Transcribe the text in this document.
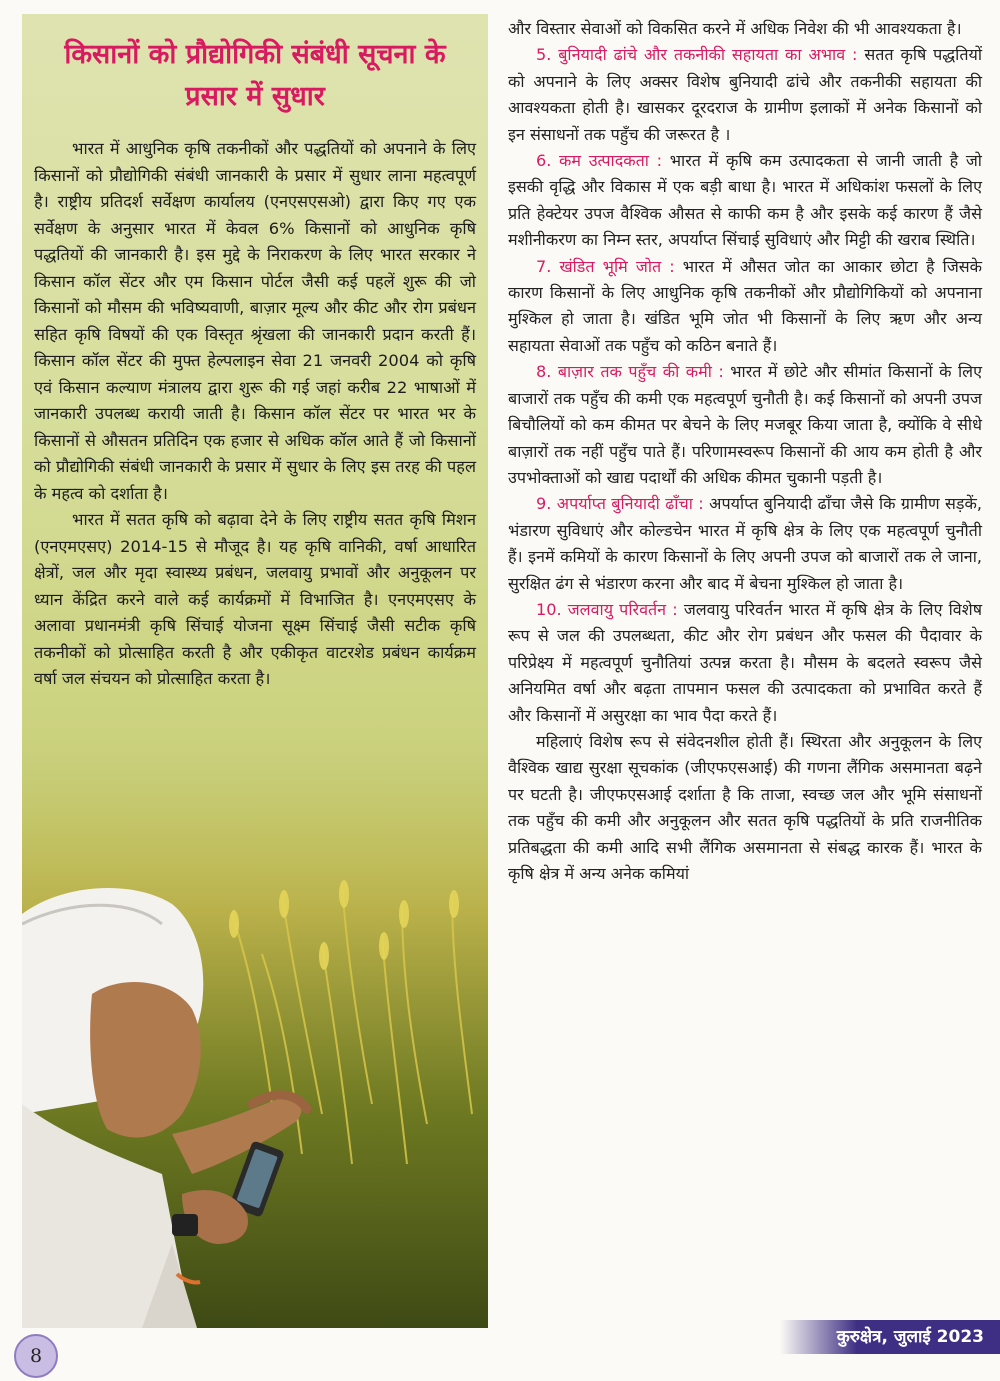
किसानों को प्रौद्योगिकी संबंधी सूचना के
प्रसार में सुधार

भारत में आधुनिक कृषि तकनीकों और पद्धतियों को अपनाने के लिए किसानों को प्रौद्योगिकी संबंधी जानकारी के प्रसार में सुधार लाना महत्वपूर्ण है। राष्ट्रीय प्रतिदर्श सर्वेक्षण कार्यालय (एनएसएसओ) द्वारा किए गए एक सर्वेक्षण के अनुसार भारत में केवल 6% किसानों को आधुनिक कृषि पद्धतियों की जानकारी है। इस मुद्दे के निराकरण के लिए भारत सरकार ने किसान कॉल सेंटर और एम किसान पोर्टल जैसी कई पहलें शुरू की जो किसानों को मौसम की भविष्यवाणी, बाज़ार मूल्य और कीट और रोग प्रबंधन सहित कृषि विषयों की एक विस्तृत श्रृंखला की जानकारी प्रदान करती हैं। किसान कॉल सेंटर की मुफ्त हेल्पलाइन सेवा 21 जनवरी 2004 को कृषि एवं किसान कल्याण मंत्रालय द्वारा शुरू की गई जहां करीब 22 भाषाओं में जानकारी उपलब्ध करायी जाती है। किसान कॉल सेंटर पर भारत भर के किसानों से औसतन प्रतिदिन एक हजार से अधिक कॉल आते हैं जो किसानों को प्रौद्योगिकी संबंधी जानकारी के प्रसार में सुधार के लिए इस तरह की पहल के महत्व को दर्शाता है।

भारत में सतत कृषि को बढ़ावा देने के लिए राष्ट्रीय सतत कृषि मिशन (एनएमएसए) 2014-15 से मौजूद है। यह कृषि वानिकी, वर्षा आधारित क्षेत्रों, जल और मृदा स्वास्थ्य प्रबंधन, जलवायु प्रभावों और अनुकूलन पर ध्यान केंद्रित करने वाले कई कार्यक्रमों में विभाजित है। एनएमएसए के अलावा प्रधानमंत्री कृषि सिंचाई योजना सूक्ष्म सिंचाई जैसी सटीक कृषि तकनीकों को प्रोत्साहित करती है और एकीकृत वाटरशेड प्रबंधन कार्यक्रम वर्षा जल संचयन को प्रोत्साहित करता है।

और विस्तार सेवाओं को विकसित करने में अधिक निवेश की भी आवश्यकता है।

5. बुनियादी ढांचे और तकनीकी सहायता का अभाव : सतत कृषि पद्धतियों को अपनाने के लिए अक्सर विशेष बुनियादी ढांचे और तकनीकी सहायता की आवश्यकता होती है। खासकर दूरदराज के ग्रामीण इलाकों में अनेक किसानों को इन संसाधनों तक पहुँच की जरूरत है ।

6. कम उत्पादकता : भारत में कृषि कम उत्पादकता से जानी जाती है जो इसकी वृद्धि और विकास में एक बड़ी बाधा है। भारत में अधिकांश फसलों के लिए प्रति हेक्टेयर उपज वैश्विक औसत से काफी कम है और इसके कई कारण हैं जैसे मशीनीकरण का निम्न स्तर, अपर्याप्त सिंचाई सुविधाएं और मिट्टी की खराब स्थिति।

7. खंडित भूमि जोत : भारत में औसत जोत का आकार छोटा है जिसके कारण किसानों के लिए आधुनिक कृषि तकनीकों और प्रौद्योगिकियों को अपनाना मुश्किल हो जाता है। खंडित भूमि जोत भी किसानों के लिए ऋण और अन्य सहायता सेवाओं तक पहुँच को कठिन बनाते हैं।

8. बाज़ार तक पहुँच की कमी : भारत में छोटे और सीमांत किसानों के लिए बाजारों तक पहुँच की कमी एक महत्वपूर्ण चुनौती है। कई किसानों को अपनी उपज बिचौलियों को कम कीमत पर बेचने के लिए मजबूर किया जाता है, क्योंकि वे सीधे बाज़ारों तक नहीं पहुँच पाते हैं। परिणामस्वरूप किसानों की आय कम होती है और उपभोक्ताओं को खाद्य पदार्थों की अधिक कीमत चुकानी पड़ती है।

9. अपर्याप्त बुनियादी ढाँचा : अपर्याप्त बुनियादी ढाँचा जैसे कि ग्रामीण सड़कें, भंडारण सुविधाएं और कोल्डचेन भारत में कृषि क्षेत्र के लिए एक महत्वपूर्ण चुनौती हैं। इनमें कमियों के कारण किसानों के लिए अपनी उपज को बाजारों तक ले जाना, सुरक्षित ढंग से भंडारण करना और बाद में बेचना मुश्किल हो जाता है।

10. जलवायु परिवर्तन : जलवायु परिवर्तन भारत में कृषि क्षेत्र के लिए विशेष रूप से जल की उपलब्धता, कीट और रोग प्रबंधन और फसल की पैदावार के परिप्रेक्ष्य में महत्वपूर्ण चुनौतियां उत्पन्न करता है। मौसम के बदलते स्वरूप जैसे अनियमित वर्षा और बढ़ता तापमान फसल की उत्पादकता को प्रभावित करते हैं और किसानों में असुरक्षा का भाव पैदा करते हैं।

महिलाएं विशेष रूप से संवेदनशील होती हैं। स्थिरता और अनुकूलन के लिए वैश्विक खाद्य सुरक्षा सूचकांक (जीएफएसआई) की गणना लैंगिक असमानता बढ़ने पर घटती है। जीएफएसआई दर्शाता है कि ताजा, स्वच्छ जल और भूमि संसाधनों तक पहुँच की कमी और अनुकूलन और सतत कृषि पद्धतियों के प्रति राजनीतिक प्रतिबद्धता की कमी आदि सभी लैंगिक असमानता से संबद्ध कारक हैं। भारत के कृषि क्षेत्र में अन्य अनेक कमियां

8
कुरुक्षेत्र, जुलाई 2023
